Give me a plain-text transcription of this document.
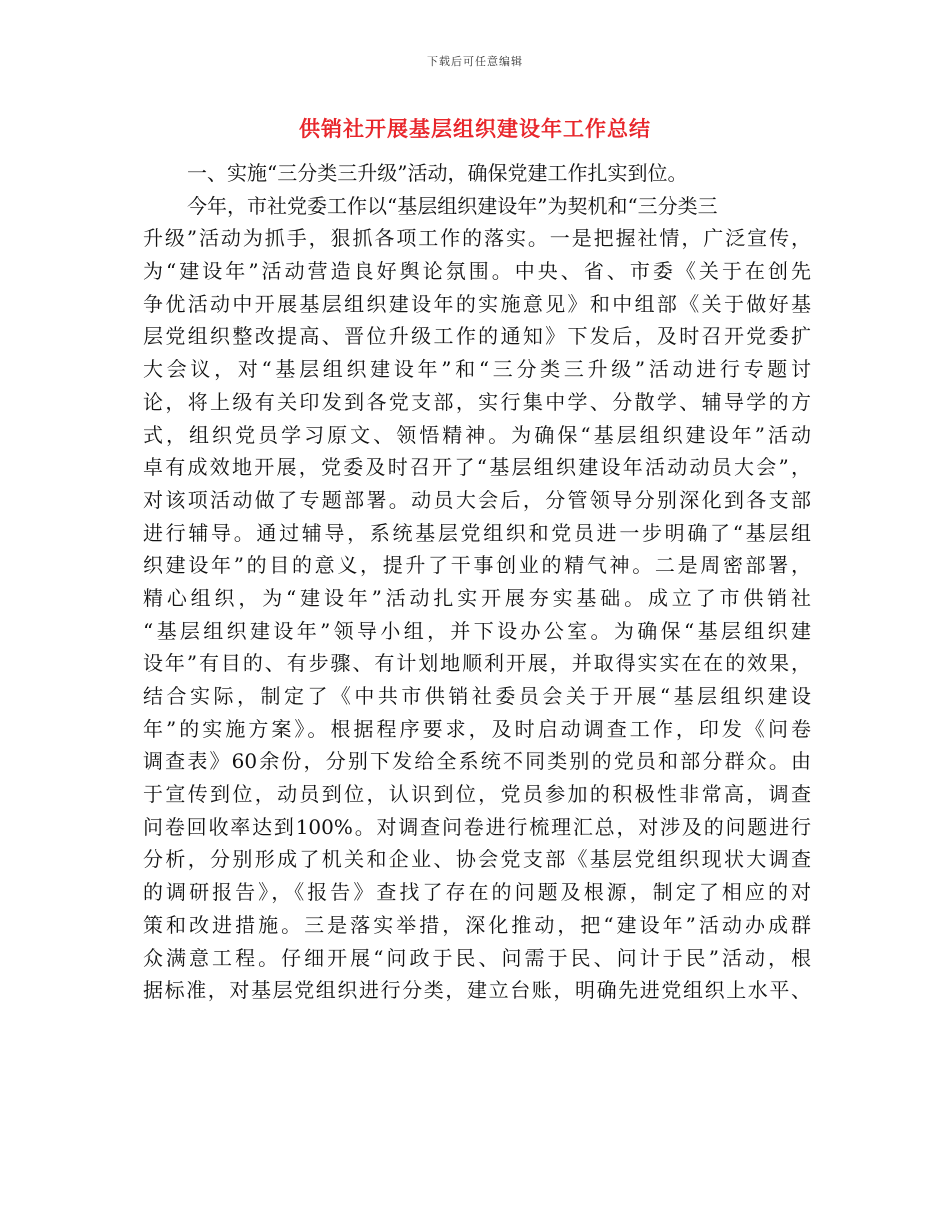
下载后可任意编辑
供销社开展基层组织建设年工作总结
一、实施“三分类三升级”活动，确保党建工作扎实到位。
今年，市社党委工作以“基层组织建设年”为契机和“三分类三
升级”活动为抓手，狠抓各项工作的落实。一是把握社情，广泛宣传，
为“建设年”活动营造良好舆论氛围。中央、省、市委《关于在创先
争优活动中开展基层组织建设年的实施意见》和中组部《关于做好基
层党组织整改提高、晋位升级工作的通知》下发后，及时召开党委扩
大会议，对“基层组织建设年”和“三分类三升级”活动进行专题讨
论，将上级有关印发到各党支部，实行集中学、分散学、辅导学的方
式，组织党员学习原文、领悟精神。为确保“基层组织建设年”活动
卓有成效地开展，党委及时召开了“基层组织建设年活动动员大会”，
对该项活动做了专题部署。动员大会后，分管领导分别深化到各支部
进行辅导。通过辅导，系统基层党组织和党员进一步明确了“基层组
织建设年”的目的意义，提升了干事创业的精气神。二是周密部署，
精心组织，为“建设年”活动扎实开展夯实基础。成立了市供销社
“基层组织建设年”领导小组，并下设办公室。为确保“基层组织建
设年”有目的、有步骤、有计划地顺利开展，并取得实实在在的效果，
结合实际，制定了《中共市供销社委员会关于开展“基层组织建设
年”的实施方案》。根据程序要求，及时启动调查工作，印发《问卷
调查表》60余份，分别下发给全系统不同类别的党员和部分群众。由
于宣传到位，动员到位，认识到位，党员参加的积极性非常高，调查
问卷回收率达到100%。对调查问卷进行梳理汇总，对涉及的问题进行
分析，分别形成了机关和企业、协会党支部《基层党组织现状大调查
的调研报告》，《报告》查找了存在的问题及根源，制定了相应的对
策和改进措施。三是落实举措，深化推动，把“建设年”活动办成群
众满意工程。仔细开展“问政于民、问需于民、问计于民”活动，根
据标准，对基层党组织进行分类，建立台账，明确先进党组织上水平、
